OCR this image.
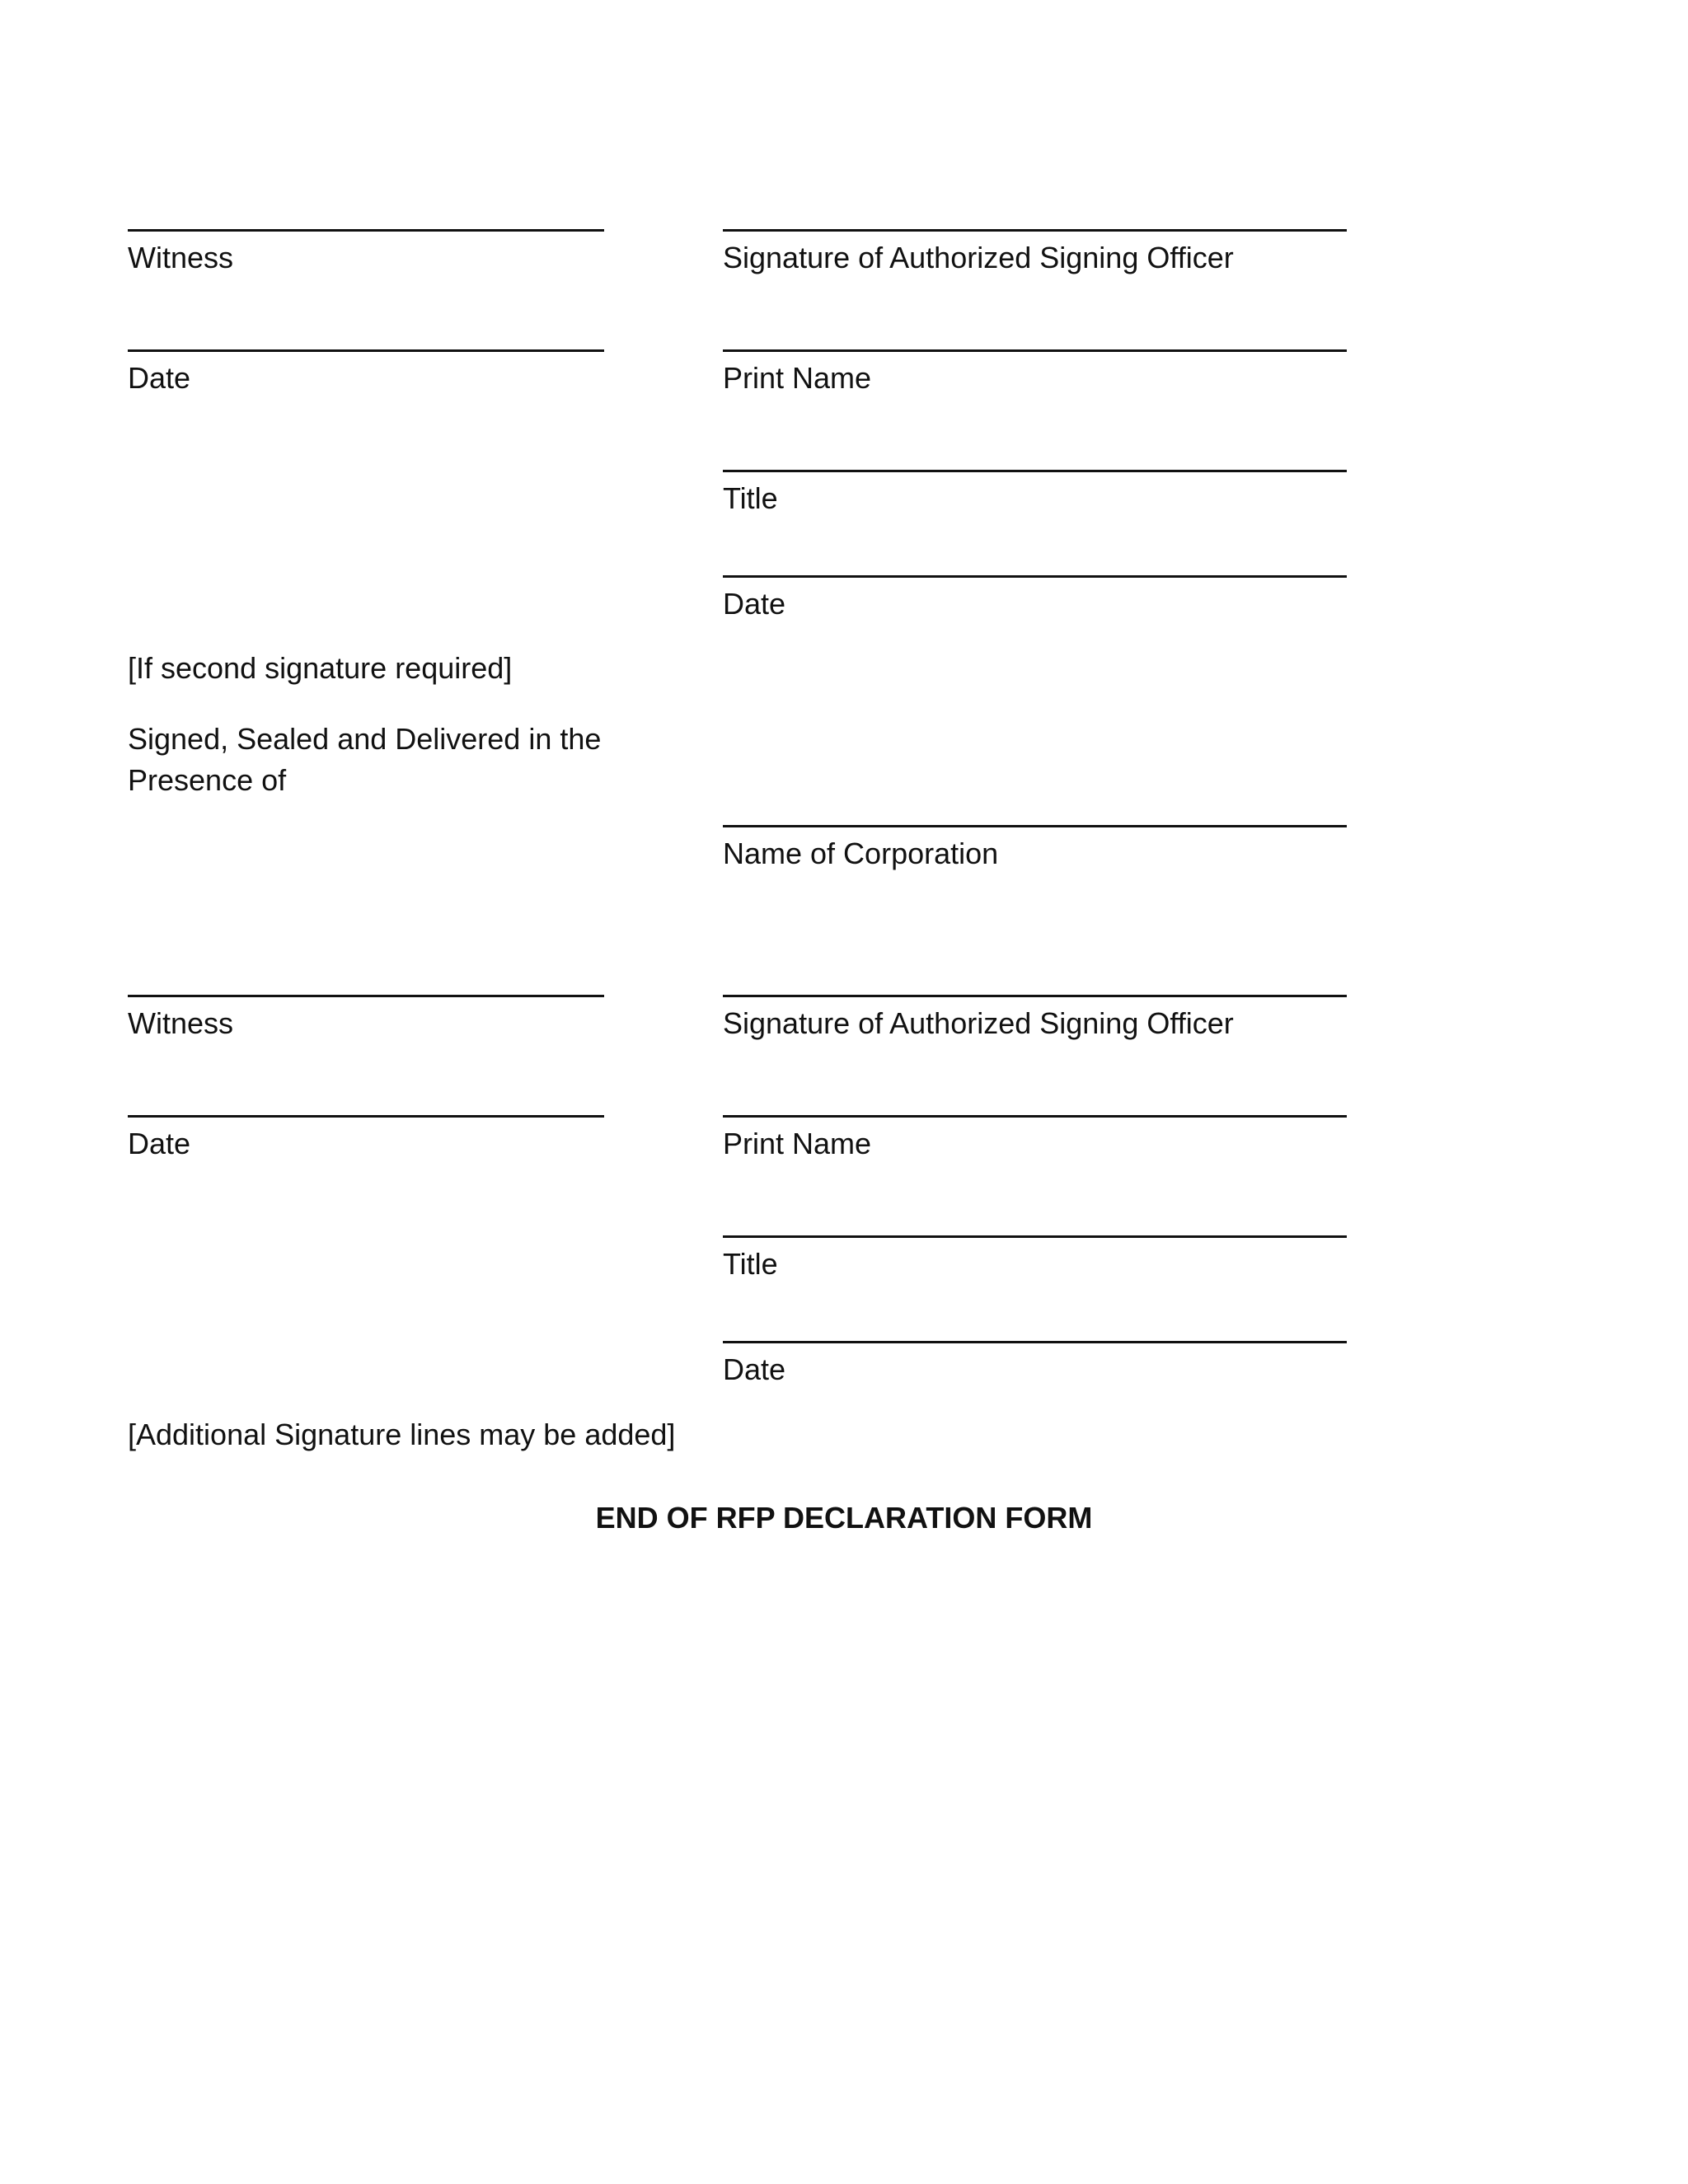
Witness	Signature of Authorized Signing Officer
Date	Print Name
Title
Date
[If second signature required]
Signed, Sealed and Delivered in the Presence of
Name of Corporation
Witness	Signature of Authorized Signing Officer
Date	Print Name
Title
Date
[Additional Signature lines may be added]
END OF RFP DECLARATION FORM
